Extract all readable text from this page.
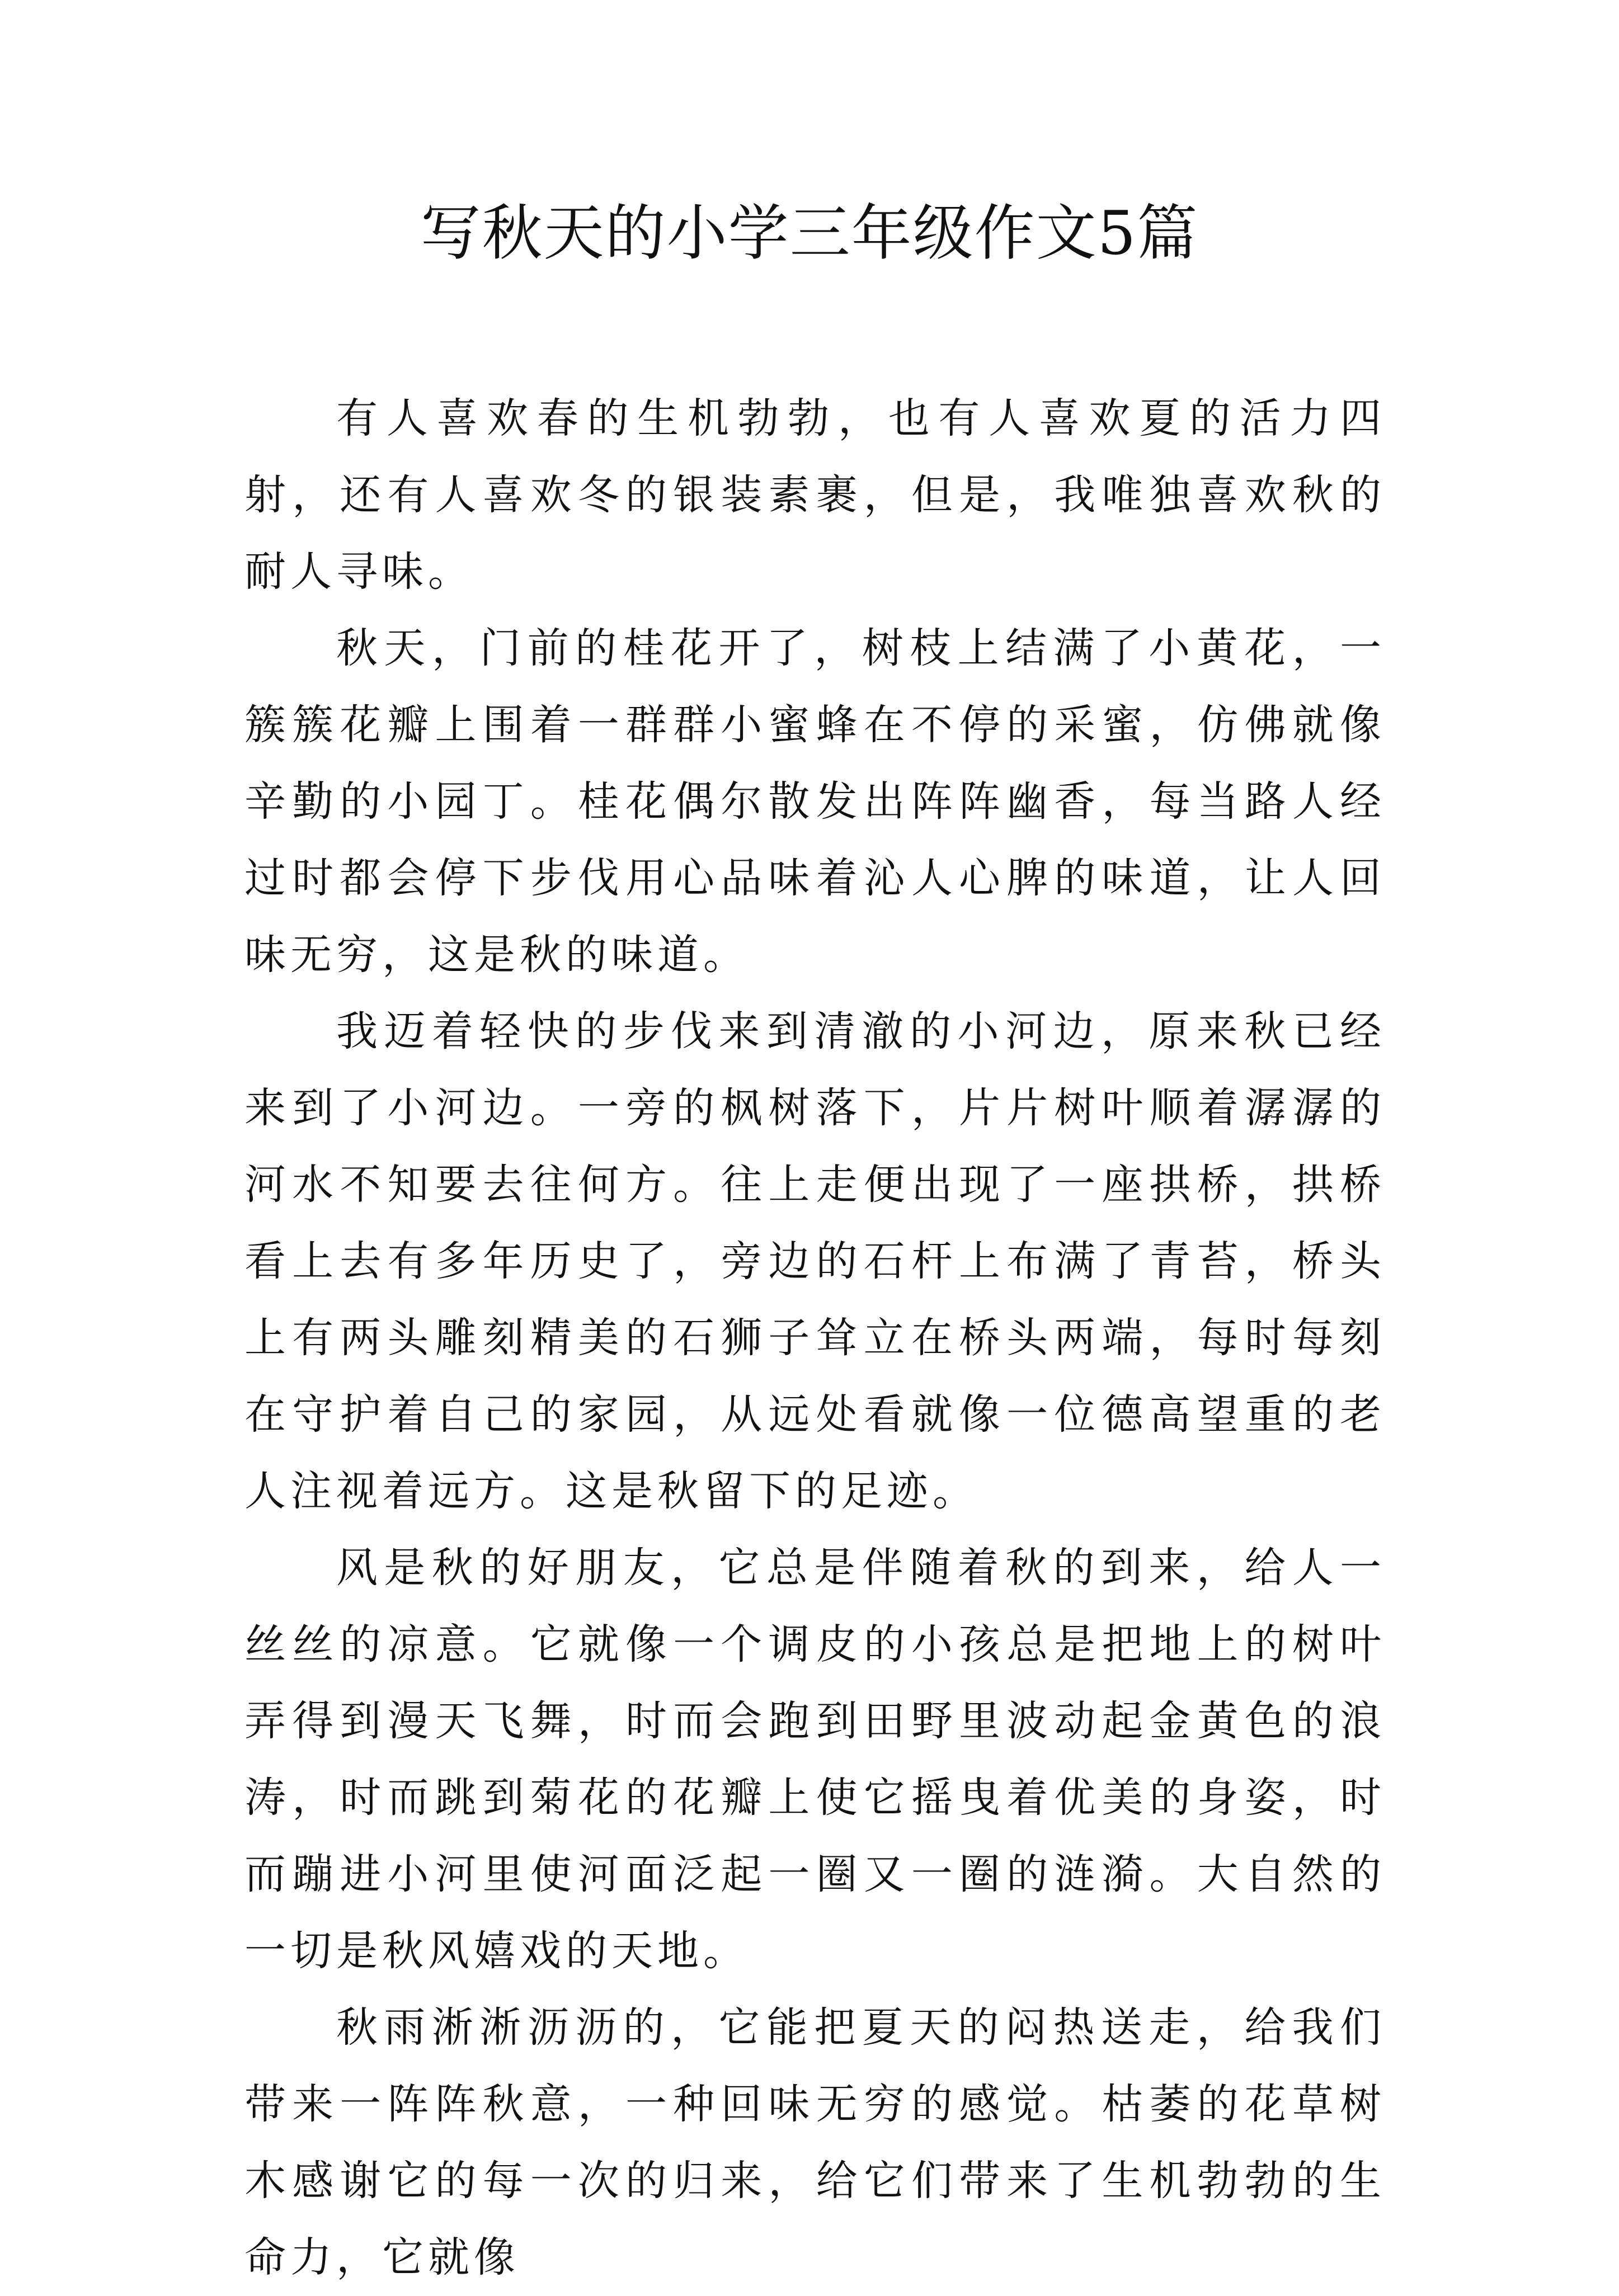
写秋天的小学三年级作文5篇

有人喜欢春的生机勃勃，也有人喜欢夏的活力四射，还有人喜欢冬的银装素裹，但是，我唯独喜欢秋的耐人寻味。

秋天，门前的桂花开了，树枝上结满了小黄花，一簇簇花瓣上围着一群群小蜜蜂在不停的采蜜，仿佛就像辛勤的小园丁。桂花偶尔散发出阵阵幽香，每当路人经过时都会停下步伐用心品味着沁人心脾的味道，让人回味无穷，这是秋的味道。

我迈着轻快的步伐来到清澈的小河边，原来秋已经来到了小河边。一旁的枫树落下，片片树叶顺着潺潺的河水不知要去往何方。往上走便出现了一座拱桥，拱桥看上去有多年历史了，旁边的石杆上布满了青苔，桥头上有两头雕刻精美的石狮子耸立在桥头两端，每时每刻在守护着自己的家园，从远处看就像一位德高望重的老人注视着远方。这是秋留下的足迹。

风是秋的好朋友，它总是伴随着秋的到来，给人一丝丝的凉意。它就像一个调皮的小孩总是把地上的树叶弄得到漫天飞舞，时而会跑到田野里波动起金黄色的浪涛，时而跳到菊花的花瓣上使它摇曳着优美的身姿，时而蹦进小河里使河面泛起一圈又一圈的涟漪。大自然的一切是秋风嬉戏的天地。

秋雨淅淅沥沥的，它能把夏天的闷热送走，给我们带来一阵阵秋意，一种回味无穷的感觉。枯萎的花草树木感谢它的每一次的归来，给它们带来了生机勃勃的生命力，它就像
